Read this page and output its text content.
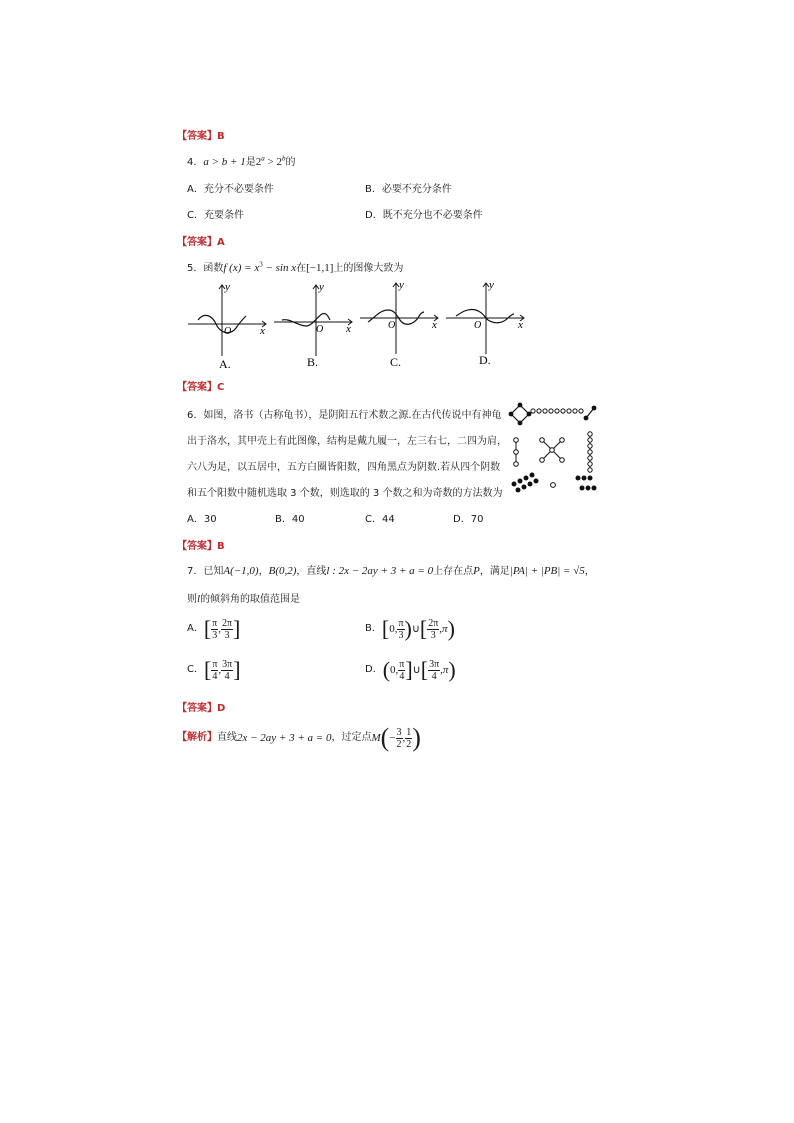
【答案】B
4．a > b + 1是$2^a > 2^b$的
A．充分不必要条件	B．必要不充分条件
C．充要条件	D．既不充分也不必要条件
【答案】A
5．函数f $(x) = x^3 - \sin x$在[−1,1]上的图像大致为
x
y
O
A.
x
y
O
B.
x
y
O
C.
x
y
O
D.
【答案】C
6．如图，洛书（古称龟书），是阴阳五行术数之源.在古代传说中有神龟
出于洛水，其甲壳上有此图像，结构是戴九履一，左三右七，二四为肩，
六八为足，以五居中，五方白圈皆阳数，四角黑点为阴数.若从四个阴数
和五个阳数中随机选取 3 个数，则选取的 3 个数之和为奇数的方法数为
A．30	B．40	C．44	D．70
【答案】B
7．已知A(−1,0)，B(0,2)，直线l : 2x − 2ay + 3 + a = 0上存在点P，满足|PA| + |PB| = √5，
则l的倾斜角的取值范围是
A．[ $\frac{\pi}{3}$ , $\frac{2\pi}{3}$ ]	B．[0, $\frac{\pi}{3}$ )∪[ $\frac{2\pi}{3} ,\pi$)
C．[ $\frac{\pi}{4}$ , $\frac{3\pi}{4}$ ]	D．(0, $\frac{\pi}{4}$ ]∪[ $\frac{3\pi}{4} ,\pi$)
【答案】D
【解析】直线2x − 2ay + 3 + a = 0，过定点$M(- \frac{3}{2}$ , $\frac{1}{2}$ )
